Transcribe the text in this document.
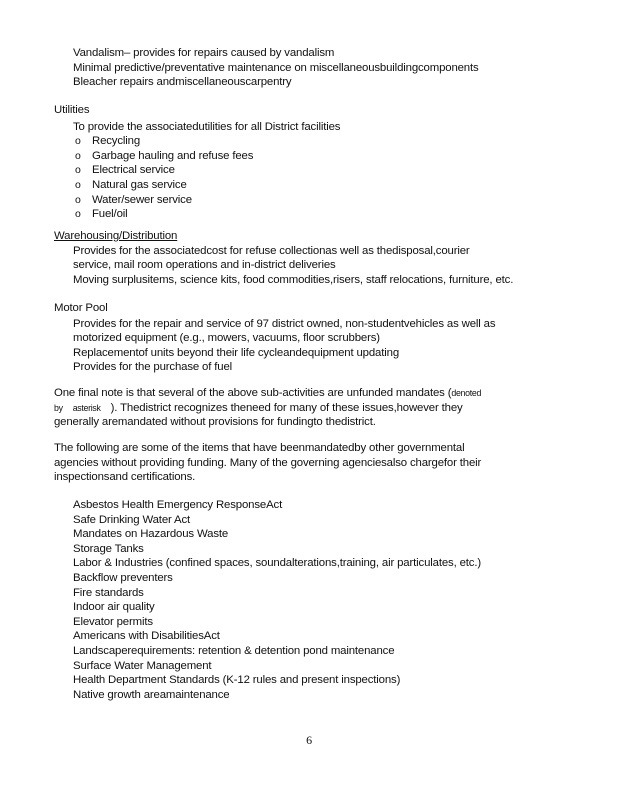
Vandalism– provides for repairs caused by vandalism
Minimal predictive/preventative maintenance on miscellaneousbuildingcomponents
Bleacher repairs andmiscellaneouscarpentry

Utilities

To provide the associatedutilities for all District facilities
o Recycling
o Garbage hauling and refuse fees
o Electrical service
o Natural gas service
o Water/sewer service
o Fuel/oil

Warehousing/Distribution

Provides for the associatedcost for refuse collectionas well as thedisposal,courier
service, mail room operations and in-district deliveries
Moving surplusitems, science kits, food commodities,risers, staff relocations, furniture, etc.

Motor Pool

Provides for the repair and service of 97 district owned, non-studentvehicles as well as
motorized equipment (e.g., mowers, vacuums, floor scrubbers)
Replacementof units beyond their life cycleandequipment updating
Provides for the purchase of fuel
One final note is that several of the above sub-activities are unfunded mandates (denoted
by asterisk ). Thedistrict recognizes theneed for many of these issues,however they
generally aremandated without provisions for fundingto thedistrict.
The following are some of the items that have beenmandatedby other governmental
agencies without providing funding. Many of the governing agenciesalso chargefor their
inspectionsand certifications.
Asbestos Health Emergency ResponseAct
Safe Drinking Water Act
Mandates on Hazardous Waste
Storage Tanks
Labor & Industries (confined spaces, soundalterations,training, air particulates, etc.)
Backflow preventers
Fire standards
Indoor air quality
Elevator permits
Americans with DisabilitiesAct
Landscaperequirements: retention & detention pond maintenance
Surface Water Management
Health Department Standards (K-12 rules and present inspections)
Native growth areamaintenance
6
